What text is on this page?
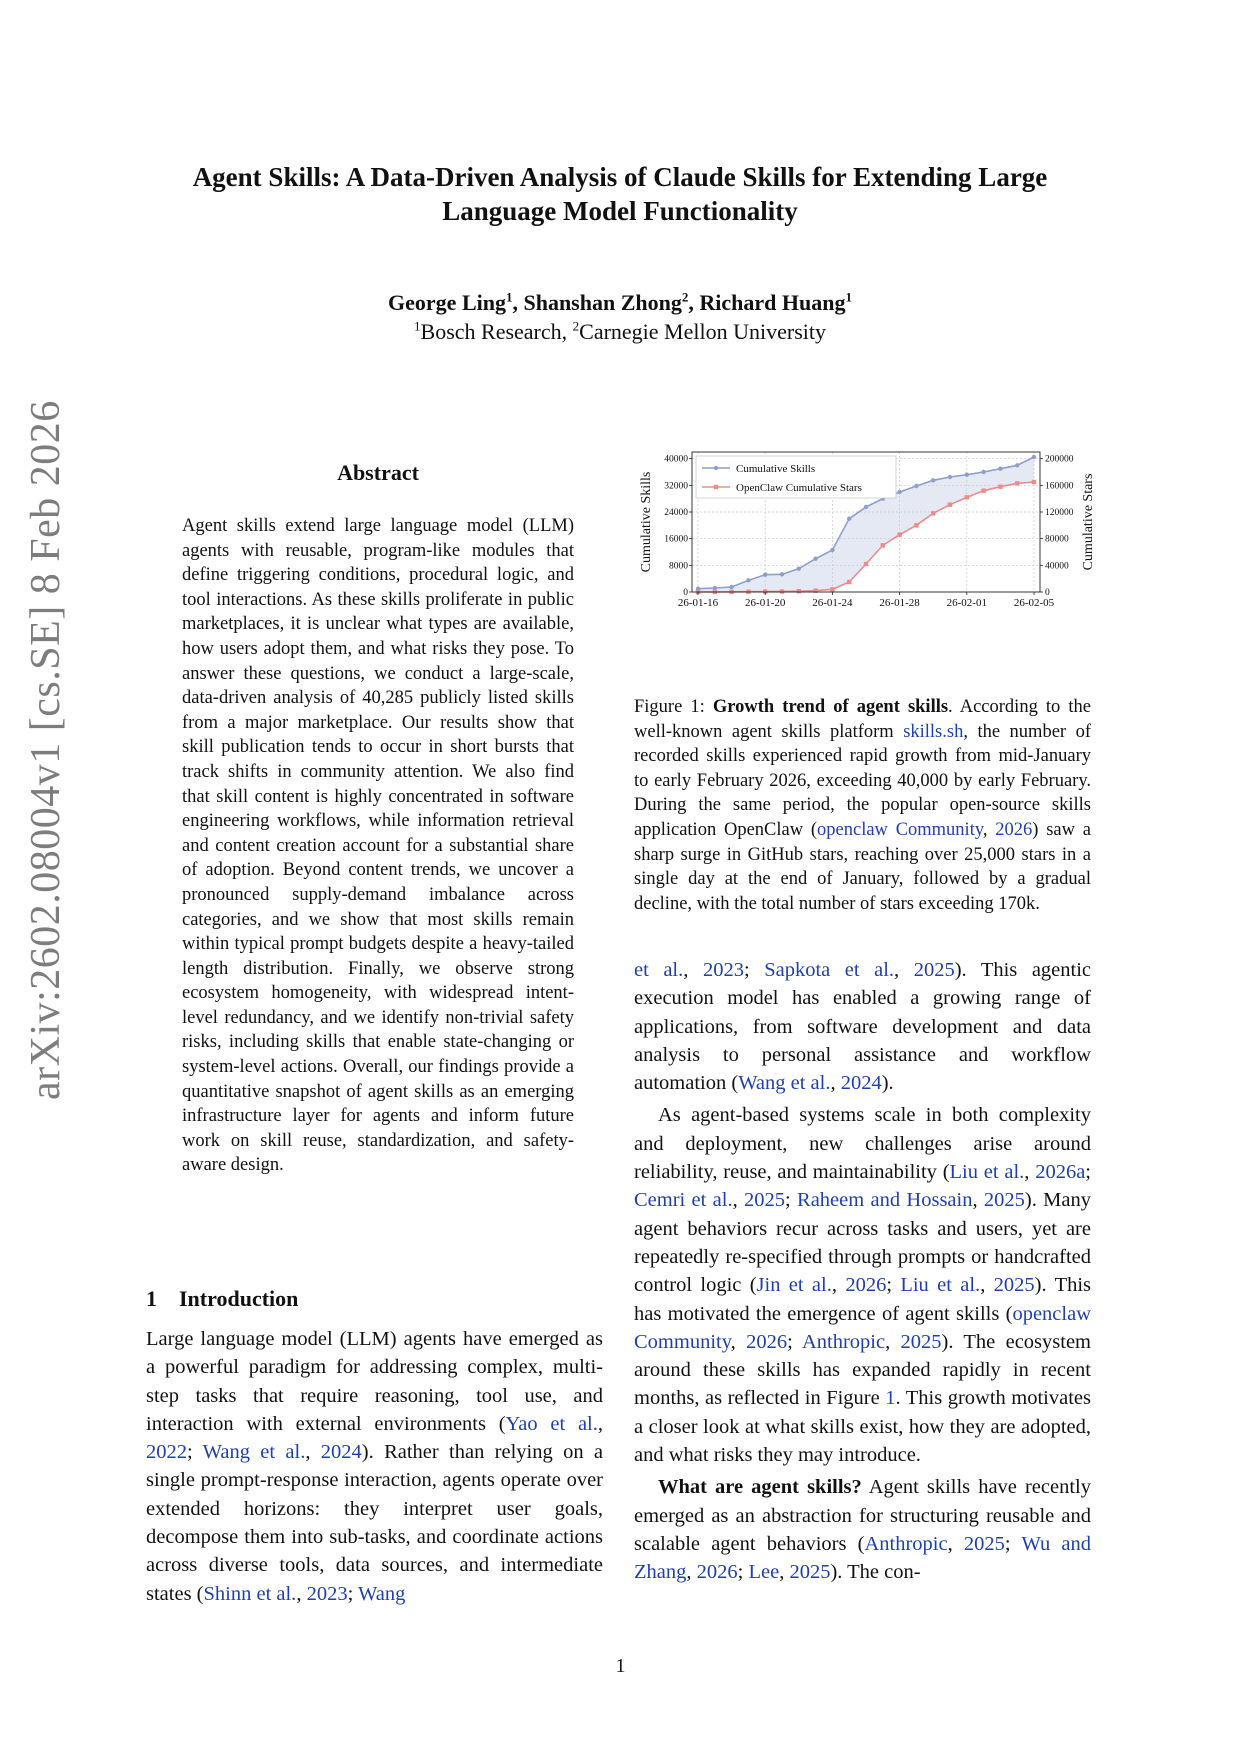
arXiv:2602.08004v1 [cs.SE] 8 Feb 2026
Agent Skills: A Data-Driven Analysis of Claude Skills for Extending Large
Language Model Functionality
George Ling$^1$, Shanshan Zhong$^2$, Richard Huang$^1$
$^1$Bosch Research, $^2$Carnegie Mellon University
Abstract
Agent skills extend large language model (LLM) agents with reusable, program-like modules that define triggering conditions, procedural logic, and tool interactions. As these skills proliferate in public marketplaces, it is unclear what types are available, how users adopt them, and what risks they pose. To answer these questions, we conduct a large-scale, data-driven analysis of 40,285 publicly listed skills from a major marketplace. Our results show that skill publication tends to occur in short bursts that track shifts in community attention. We also find that skill content is highly concentrated in software engineering workflows, while information retrieval and content creation account for a substantial share of adoption. Beyond content trends, we uncover a pronounced supply-demand imbalance across categories, and we show that most skills remain within typical prompt budgets despite a heavy-tailed length distribution. Finally, we observe strong ecosystem homogeneity, with widespread intent-level redundancy, and we identify non-trivial safety risks, including skills that enable state-changing or system-level actions. Overall, our findings provide a quantitative snapshot of agent skills as an emerging infrastructure layer for agents and inform future work on skill reuse, standardization, and safety-aware design.
1 Introduction

Large language model (LLM) agents have emerged as a powerful paradigm for addressing complex, multi-step tasks that require reasoning, tool use, and interaction with external environments (Yao et al., 2022; Wang et al., 2024). Rather than relying on a single prompt-response interaction, agents operate over extended horizons: they interpret user goals, decompose them into sub-tasks, and coordinate actions across diverse tools, data sources, and intermediate states (Shinn et al., 2023; Wang

et al., 2023; Sapkota et al., 2025). This agentic execution model has enabled a growing range of applications, from software development and data analysis to personal assistance and workflow automation (Wang et al., 2024).

As agent-based systems scale in both complexity and deployment, new challenges arise around reliability, reuse, and maintainability (Liu et al., 2026a; Cemri et al., 2025; Raheem and Hossain, 2025). Many agent behaviors recur across tasks and users, yet are repeatedly re-specified through prompts or handcrafted control logic (Jin et al., 2026; Liu et al., 2025). This has motivated the emergence of agent skills (openclaw Community, 2026; Anthropic, 2025). The ecosystem around these skills has expanded rapidly in recent months, as reflected in Figure 1. This growth motivates a closer look at what skills exist, how they are adopted, and what risks they may introduce.

What are agent skills? Agent skills have recently emerged as an abstraction for structuring reusable and scalable agent behaviors (Anthropic, 2025; Wu and Zhang, 2026; Lee, 2025). The con-

0
8000
16000
24000
32000
40000
0
40000
80000
120000
160000
200000
26-01-16 26-01-20 26-01-24 26-01-28 26-02-01 26-02-05
Cumulative Skills	Cumulative Stars
Cumulative Skills
OpenClaw Cumulative Stars
Figure 1: Growth trend of agent skills. According to the well-known agent skills platform skills.sh, the number of recorded skills experienced rapid growth from mid-January to early February 2026, exceeding 40,000 by early February. During the same period, the popular open-source skills application OpenClaw (openclaw Community, 2026) saw a sharp surge in GitHub stars, reaching over 25,000 stars in a single day at the end of January, followed by a gradual decline, with the total number of stars exceeding 170k.
1
